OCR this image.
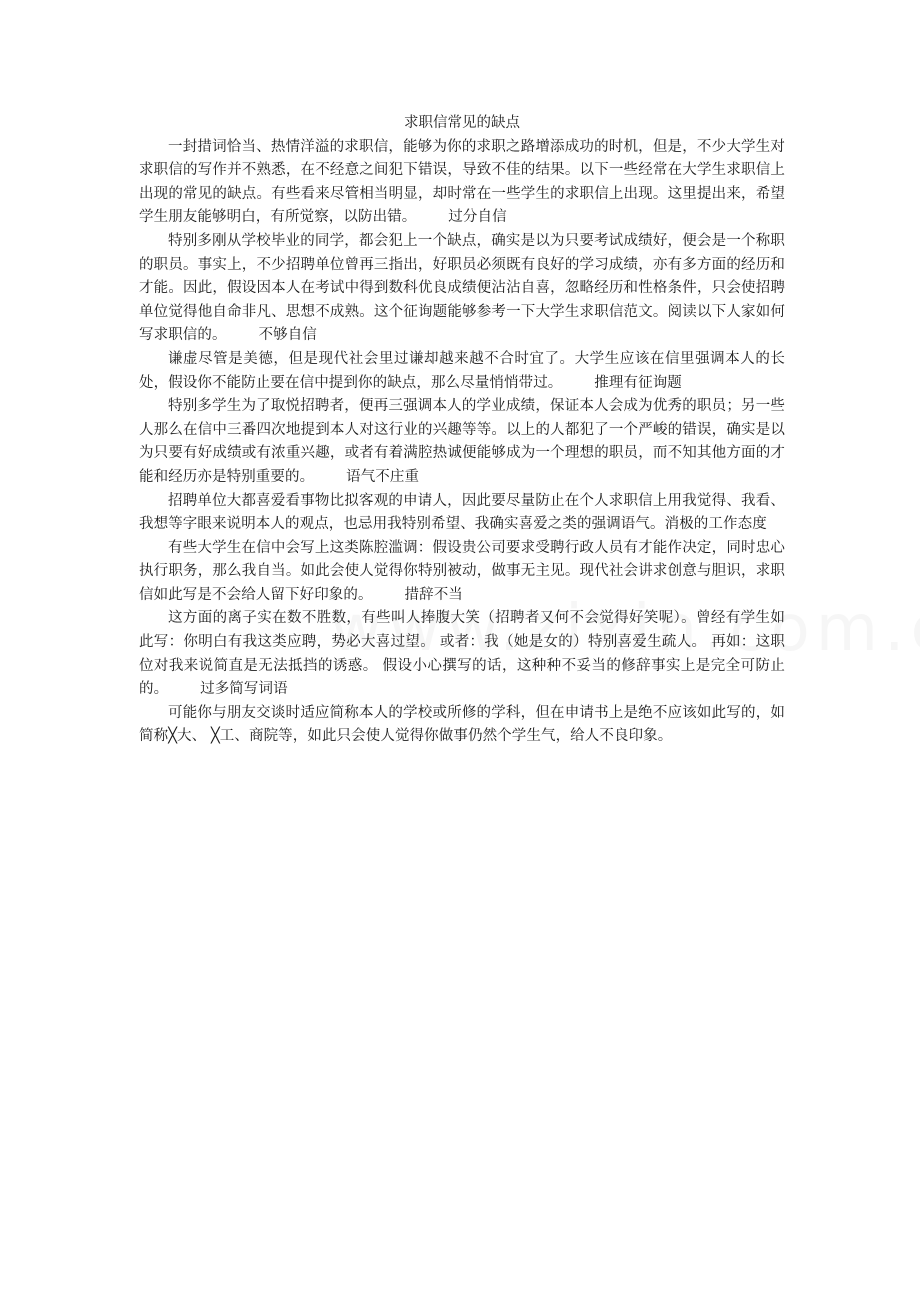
求职信常见的缺点

一封措词恰当、热情洋溢的求职信，能够为你的求职之路增添成功的时机，但是，不少大学生对求职信的写作并不熟悉，在不经意之间犯下错误，导致不佳的结果。以下一些经常在大学生求职信上出现的常见的缺点。有些看来尽管相当明显，却时常在一些学生的求职信上出现。这里提出来，希望学生朋友能够明白，有所觉察，以防出错。 过分自信

特别多刚从学校毕业的同学，都会犯上一个缺点，确实是以为只要考试成绩好，便会是一个称职的职员。事实上，不少招聘单位曾再三指出，好职员必须既有良好的学习成绩，亦有多方面的经历和才能。因此，假设因本人在考试中得到数科优良成绩便沾沾自喜，忽略经历和性格条件，只会使招聘单位觉得他自命非凡、思想不成熟。这个征询题能够参考一下大学生求职信范文。阅读以下人家如何写求职信的。 不够自信

谦虚尽管是美德，但是现代社会里过谦却越来越不合时宜了。大学生应该在信里强调本人的长处，假设你不能防止要在信中提到你的缺点，那么尽量悄悄带过。 推理有征询题

特别多学生为了取悦招聘者，便再三强调本人的学业成绩，保证本人会成为优秀的职员；另一些人那么在信中三番四次地提到本人对这行业的兴趣等等。以上的人都犯了一个严峻的错误，确实是以为只要有好成绩或有浓重兴趣，或者有着满腔热诚便能够成为一个理想的职员，而不知其他方面的才能和经历亦是特别重要的。 语气不庄重

招聘单位大都喜爱看事物比拟客观的申请人，因此要尽量防止在个人求职信上用我觉得、我看、我想等字眼来说明本人的观点，也忌用我特别希望、我确实喜爱之类的强调语气。消极的工作态度

有些大学生在信中会写上这类陈腔滥调：假设贵公司要求受聘行政人员有才能作决定，同时忠心执行职务，那么我自当。如此会使人觉得你特别被动，做事无主见。现代社会讲求创意与胆识，求职信如此写是不会给人留下好印象的。 措辞不当

这方面的离子实在数不胜数，有些叫人捧腹大笑（招聘者又何不会觉得好笑呢）。曾经有学生如此写：你明白有我这类应聘，势必大喜过望。 或者：我（她是女的）特别喜爱生疏人。 再如：这职位对我来说简直是无法抵挡的诱惑。 假设小心撰写的话，这种种不妥当的修辞事实上是完全可防止的。 过多简写词语

可能你与朋友交谈时适应简称本人的学校或所修的学科，但在申请书上是绝不应该如此写的，如简称╳大、 ╳工、商院等，如此只会使人觉得你做事仍然个学生气，给人不良印象。
